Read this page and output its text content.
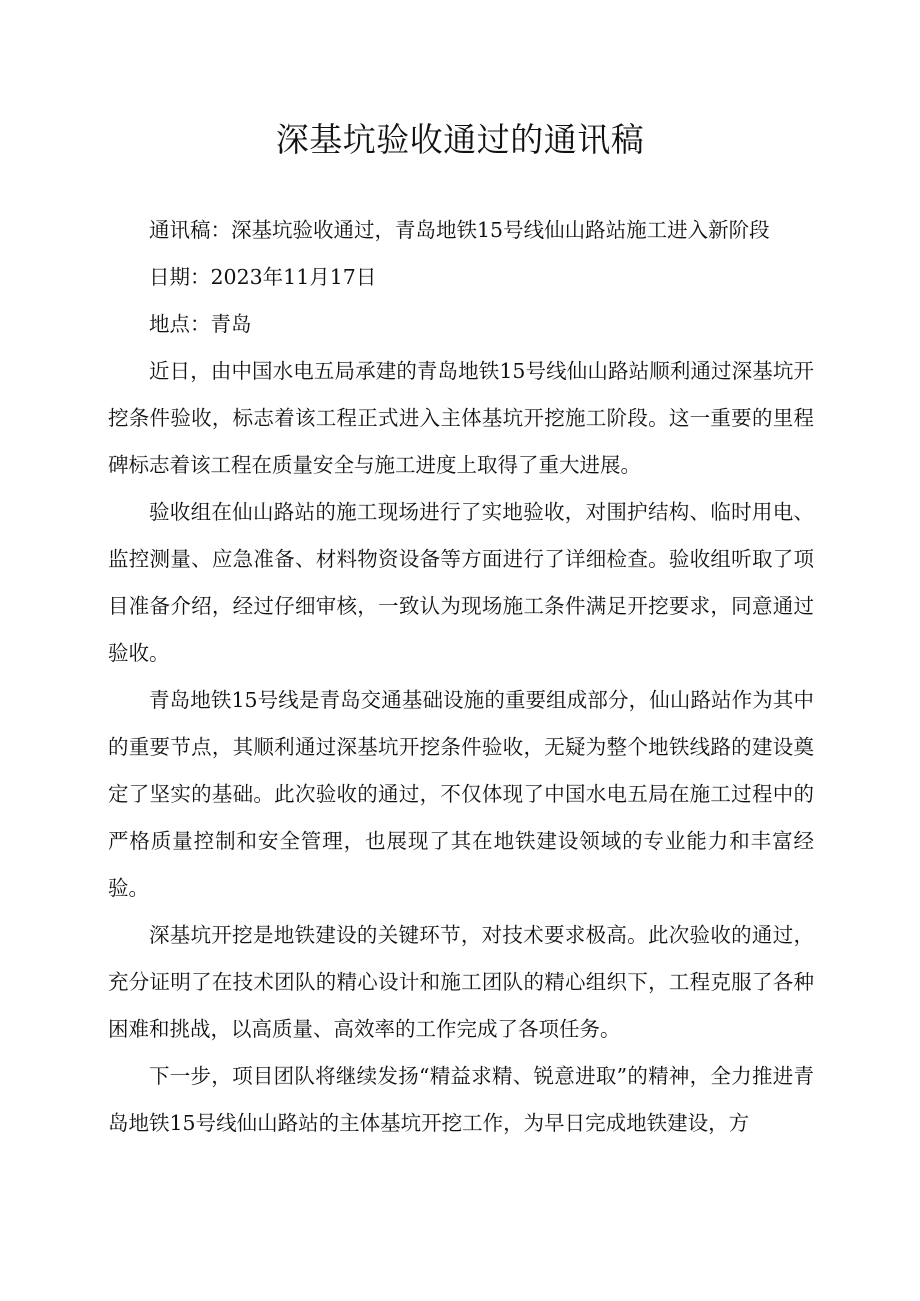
深基坑验收通过的通讯稿

通讯稿：深基坑验收通过，青岛地铁15号线仙山路站施工进入新阶段

日期：2023年11月17日

地点：青岛

近日，由中国水电五局承建的青岛地铁15号线仙山路站顺利通过深基坑开挖条件验收，标志着该工程正式进入主体基坑开挖施工阶段。这一重要的里程碑标志着该工程在质量安全与施工进度上取得了重大进展。

验收组在仙山路站的施工现场进行了实地验收，对围护结构、临时用电、监控测量、应急准备、材料物资设备等方面进行了详细检查。验收组听取了项目准备介绍，经过仔细审核，一致认为现场施工条件满足开挖要求，同意通过验收。

青岛地铁15号线是青岛交通基础设施的重要组成部分，仙山路站作为其中的重要节点，其顺利通过深基坑开挖条件验收，无疑为整个地铁线路的建设奠定了坚实的基础。此次验收的通过，不仅体现了中国水电五局在施工过程中的严格质量控制和安全管理，也展现了其在地铁建设领域的专业能力和丰富经验。

深基坑开挖是地铁建设的关键环节，对技术要求极高。此次验收的通过，充分证明了在技术团队的精心设计和施工团队的精心组织下，工程克服了各种困难和挑战，以高质量、高效率的工作完成了各项任务。

下一步，项目团队将继续发扬“精益求精、锐意进取”的精神，全力推进青岛地铁15号线仙山路站的主体基坑开挖工作，为早日完成地铁建设，方
